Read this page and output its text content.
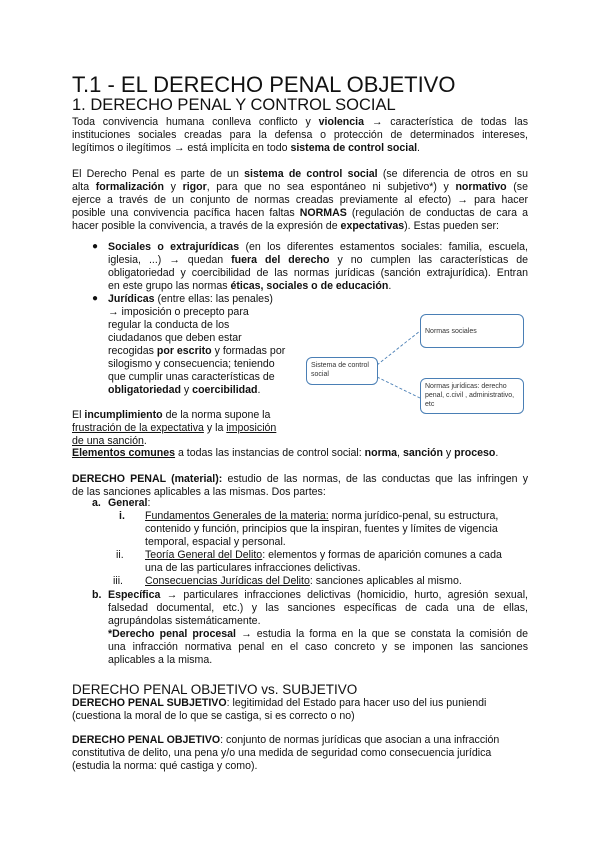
T.1 - EL DERECHO PENAL OBJETIVO
1. DERECHO PENAL Y CONTROL SOCIAL
Toda convivencia humana conlleva conflicto y violencia → característica de todas las
instituciones sociales creadas para la defensa o protección de determinados intereses,
legítimos o ilegítimos → está implícita en todo sistema de control social.
El Derecho Penal es parte de un sistema de control social (se diferencia de otros en su
alta formalización y rigor, para que no sea espontáneo ni subjetivo*) y normativo (se
ejerce a través de un conjunto de normas creadas previamente al efecto) → para hacer
posible una convivencia pacífica hacen faltas NORMAS (regulación de conductas de cara a
hacer posible la convivencia, a través de la expresión de expectativas). Estas pueden ser:
● Sociales o extrajurídicas (en los diferentes estamentos sociales: familia, escuela,
iglesia, ...) → quedan fuera del derecho y no cumplen las características de
obligatoriedad y coercibilidad de las normas jurídicas (sanción extrajurídica). Entran
en este grupo las normas éticas, sociales o de educación.
● Jurídicas (entre ellas: las penales)
→ imposición o precepto para
regular la conducta de los
ciudadanos que deben estar
recogidas por escrito y formadas por
silogismo y consecuencia; teniendo
que cumplir unas características de
obligatoriedad y coercibilidad.
Sistema de control social
Normas sociales
Normas jurídicas: derecho penal, c.civil , administrativo, etc
El incumplimiento de la norma supone la
frustración de la expectativa y la imposición
de una sanción.
Elementos comunes a todas las instancias de control social: norma, sanción y proceso.
DERECHO PENAL (material): estudio de las normas, de las conductas que las infringen y
de las sanciones aplicables a las mismas. Dos partes:
a. General:
i. Fundamentos Generales de la materia: norma jurídico-penal, su estructura,
contenido y función, principios que la inspiran, fuentes y límites de vigencia
temporal, espacial y personal.
ii. Teoría General del Delito: elementos y formas de aparición comunes a cada
una de las particulares infracciones delictivas.
iii. Consecuencias Jurídicas del Delito: sanciones aplicables al mismo.
b. Específica → particulares infracciones delictivas (homicidio, hurto, agresión sexual,
falsedad documental, etc.) y las sanciones específicas de cada una de ellas,
agrupándolas sistemáticamente.
*Derecho penal procesal → estudia la forma en la que se constata la comisión de
una infracción normativa penal en el caso concreto y se imponen las sanciones
aplicables a la misma.
DERECHO PENAL OBJETIVO vs. SUBJETIVO
DERECHO PENAL SUBJETIVO: legitimidad del Estado para hacer uso del ius puniendi
(cuestiona la moral de lo que se castiga, si es correcto o no)
DERECHO PENAL OBJETIVO: conjunto de normas jurídicas que asocian a una infracción
constitutiva de delito, una pena y/o una medida de seguridad como consecuencia jurídica
(estudia la norma: qué castiga y como).
